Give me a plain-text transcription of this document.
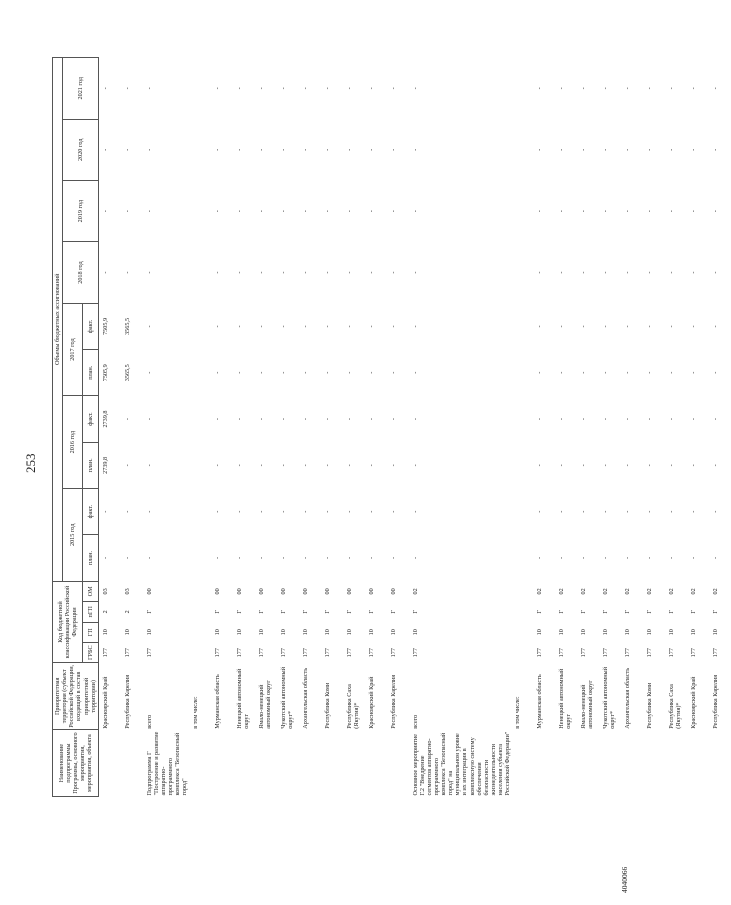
253
4040066
Наименование подпрограммы Программы, основного мероприятия, мероприятия, объекта	Приоритетная территория (субъект Российской Федерации, входящий в состав приоритетной территории)	Код бюджетной классификации Российской Федерации				Объемы бюджетных ассигнований									
						2015 год		2016 год		2017 год		2018 год	2019 год	2020 год	2021 год
		ГРБС	ГП	пГП	ОМ	план.	факт.	план.	факт.	план.	факт.				

	Красноярский Край	177	10	2	03	-	-	2739,8	2739,8	7505,9	7505,9	-	-	-	-
	Республика Карелия	177	10	2	03	-	-	-	-	3565,5	3565,5	-	-	-	-
Подпрограмма Г "Построение и развитие аппаратно-программного комплекса "Безопасный город"	всего	177	10	Г	00	-	-	-	-	-	-	-	-	-	-
	в том числе:														
	Мурманская область	177	10	Г	00	-	-	-	-	-	-	-	-	-	-
	Ненецкий автономный округ	177	10	Г	00	-	-	-	-	-	-	-	-	-	-
	Ямало-ненецкий автономный округ	177	10	Г	00	-	-	-	-	-	-	-	-	-	-
	Чукотский автономный округ*	177	10	Г	00	-	-	-	-	-	-	-	-	-	-
	Архангельская область	177	10	Г	00	-	-	-	-	-	-	-	-	-	-
	Республика Коми	177	10	Г	00	-	-	-	-	-	-	-	-	-	-
	Республика Саха (Якутия)*	177	10	Г	00	-	-	-	-	-	-	-	-	-	-
	Красноярский Край	177	10	Г	00	-	-	-	-	-	-	-	-	-	-
	Республика Карелия	177	10	Г	00	-	-	-	-	-	-	-	-	-	-
Основное мероприятие Г.2 "Внедрение сегментов аппаратно-программного комплекса "Безопасный город" на муниципальном уровне и их интеграция в комплексную систему обеспечения безопасности жизнедеятельности населения субъекта Российской Федерации"	всего	177	10	Г	02	-	-	-	-	-	-	-	-	-	-
	в том числе:														
	Мурманская область	177	10	Г	02	-	-	-	-	-	-	-	-	-	-
	Ненецкий автономный округ	177	10	Г	02	-	-	-	-	-	-	-	-	-	-
	Ямало-ненецкий автономный округ	177	10	Г	02	-	-	-	-	-	-	-	-	-	-
	Чукотский автономный округ*	177	10	Г	02	-	-	-	-	-	-	-	-	-	-
	Архангельская область	177	10	Г	02	-	-	-	-	-	-	-	-	-	-
	Республика Коми	177	10	Г	02	-	-	-	-	-	-	-	-	-	-
	Республика Саха (Якутия)*	177	10	Г	02	-	-	-	-	-	-	-	-	-	-
	Красноярский Край	177	10	Г	02	-	-	-	-	-	-	-	-	-	-
	Республика Карелия	177	10	Г	02	-	-	-	-	-	-	-	-	-	-
